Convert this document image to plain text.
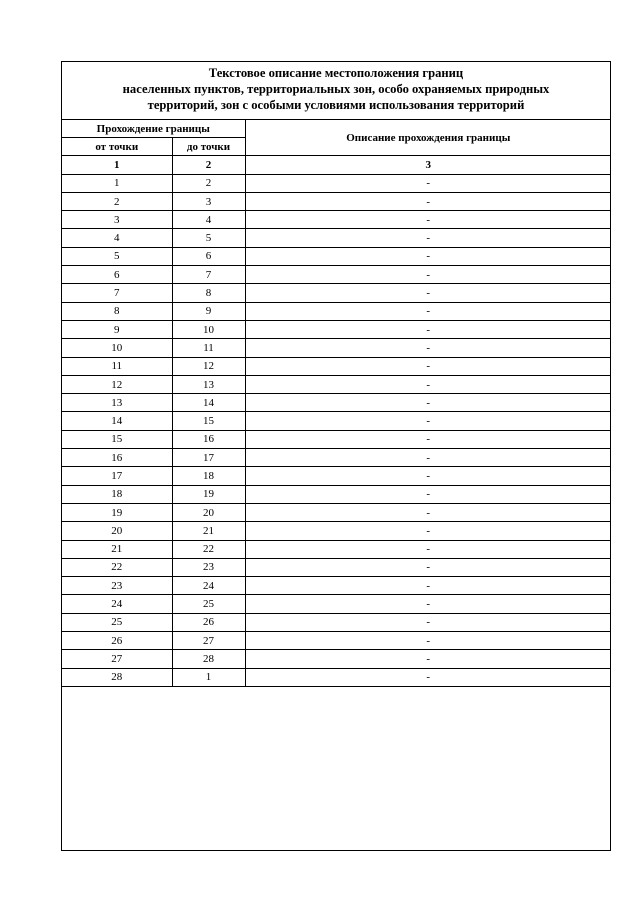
Текстовое описание местоположения границ
населенных пунктов, территориальных зон, особо охраняемых природных
территорий, зон с особыми условиями использования территорий
Прохождение границы		Описание прохождения границы
от точки	до точки	
1	2	3
1	2	-
2	3	-
3	4	-
4	5	-
5	6	-
6	7	-
7	8	-
8	9	-
9	10	-
10	11	-
11	12	-
12	13	-
13	14	-
14	15	-
15	16	-
16	17	-
17	18	-
18	19	-
19	20	-
20	21	-
21	22	-
22	23	-
23	24	-
24	25	-
25	26	-
26	27	-
27	28	-
28	1	-
